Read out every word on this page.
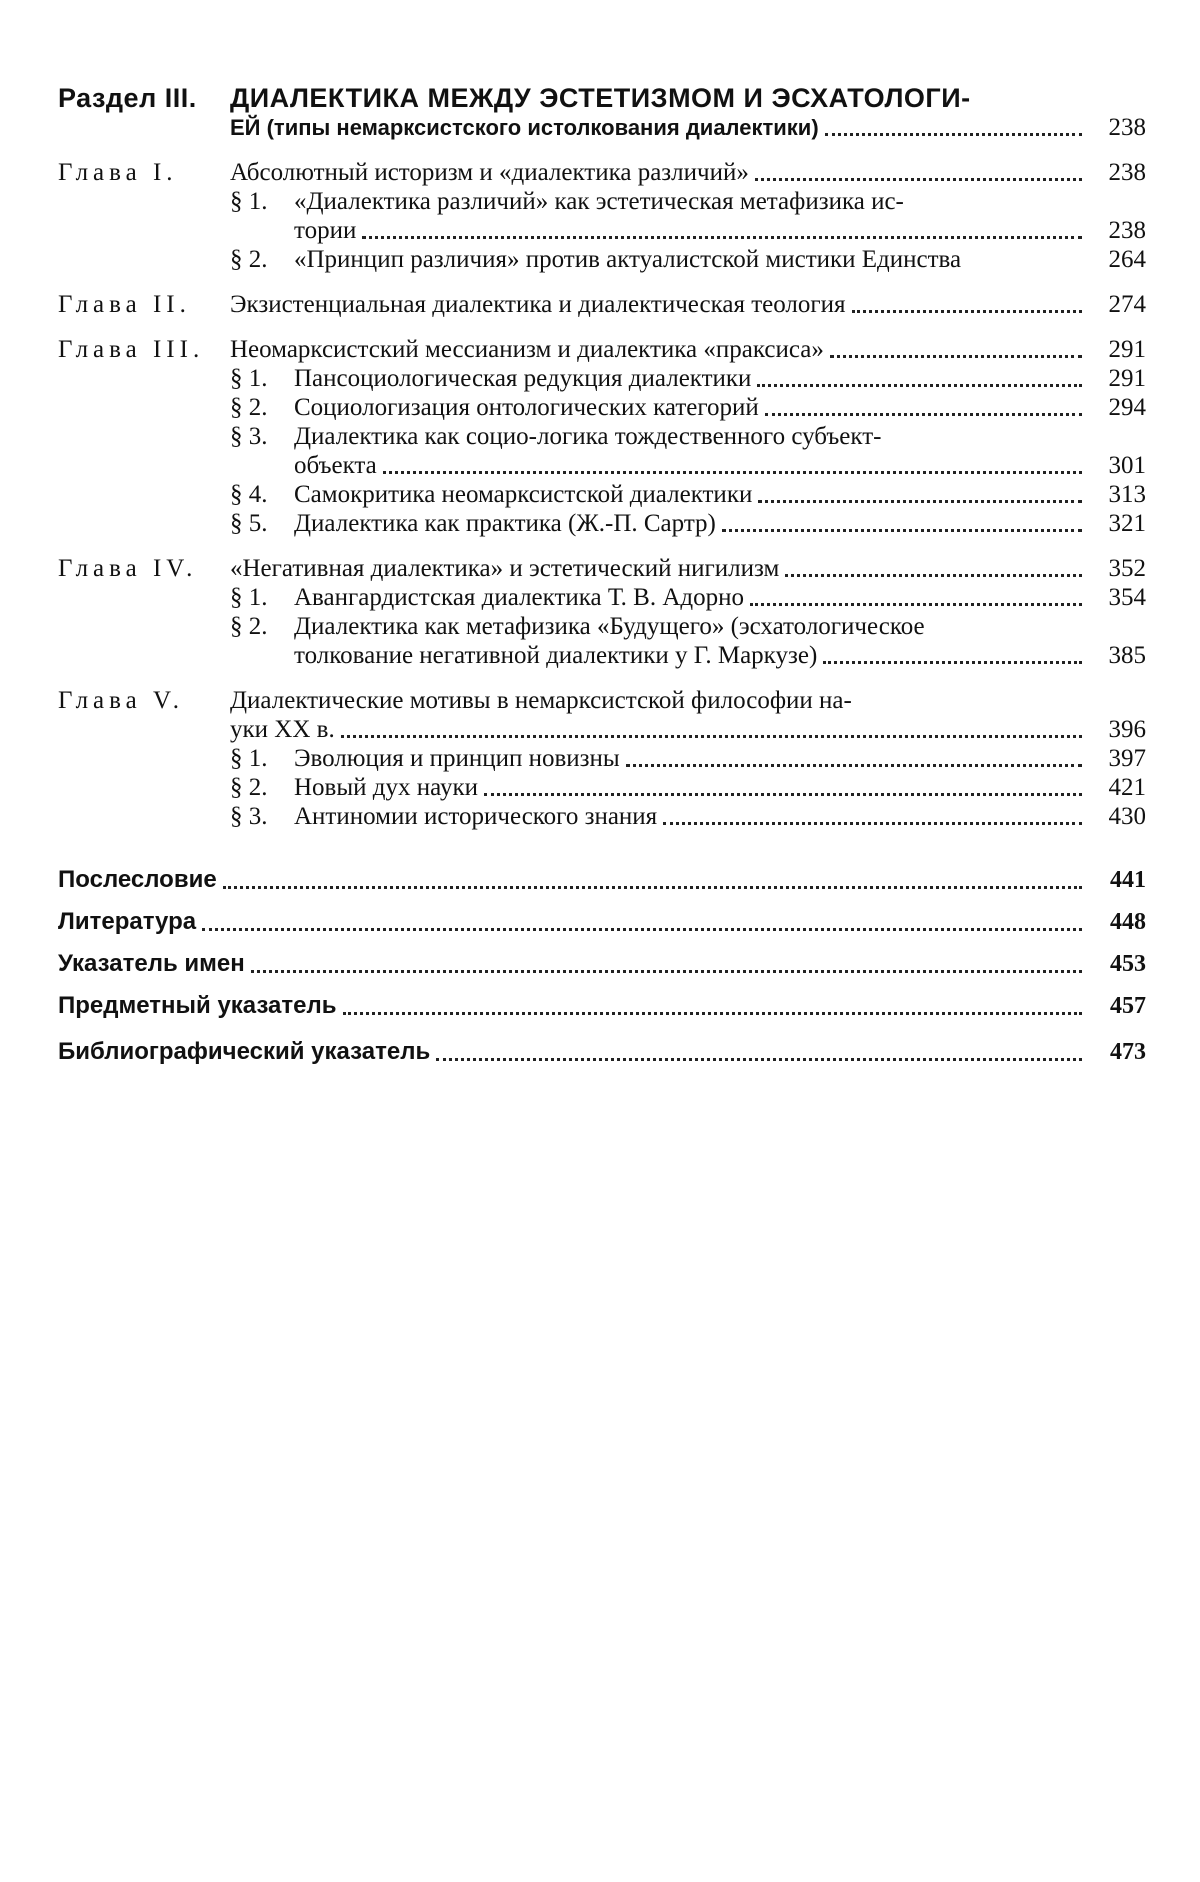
Раздел III. ДИАЛЕКТИКА МЕЖДУ ЭСТЕТИЗМОМ И ЭСХАТОЛОГИ-
ЕЙ (типы немарксистского истолкования диалектики)	238
Глава I. Абсолютный историзм и «диалектика различий»	238
§ 1. «Диалектика различий» как эстетическая метафизика ис-
тории	238
§ 2. «Принцип различия» против актуалистской мистики Единства	264
Глава II. Экзистенциальная диалектика и диалектическая теология	274
Глава III. Неомарксистский мессианизм и диалектика «праксиса»	291
§ 1. Пансоциологическая редукция диалектики	291
§ 2. Социологизация онтологических категорий	294
§ 3. Диалектика как социо-логика тождественного субъект-
объекта	301
§ 4. Самокритика неомарксистской диалектики	313
§ 5. Диалектика как практика (Ж.-П. Сартр)	321
Глава IV. «Негативная диалектика» и эстетический нигилизм	352
§ 1. Авангардистская диалектика Т. В. Адорно	354
§ 2. Диалектика как метафизика «Будущего» (эсхатологическое
толкование негативной диалектики у Г. Маркузе)	385
Глава V. Диалектические мотивы в немарксистской философии на-
уки XX в.	396
§ 1. Эволюция и принцип новизны	397
§ 2. Новый дух науки	421
§ 3. Антиномии исторического знания	430
Послесловие	441
Литература	448
Указатель имен	453
Предметный указатель	457
Библиографический указатель	473
